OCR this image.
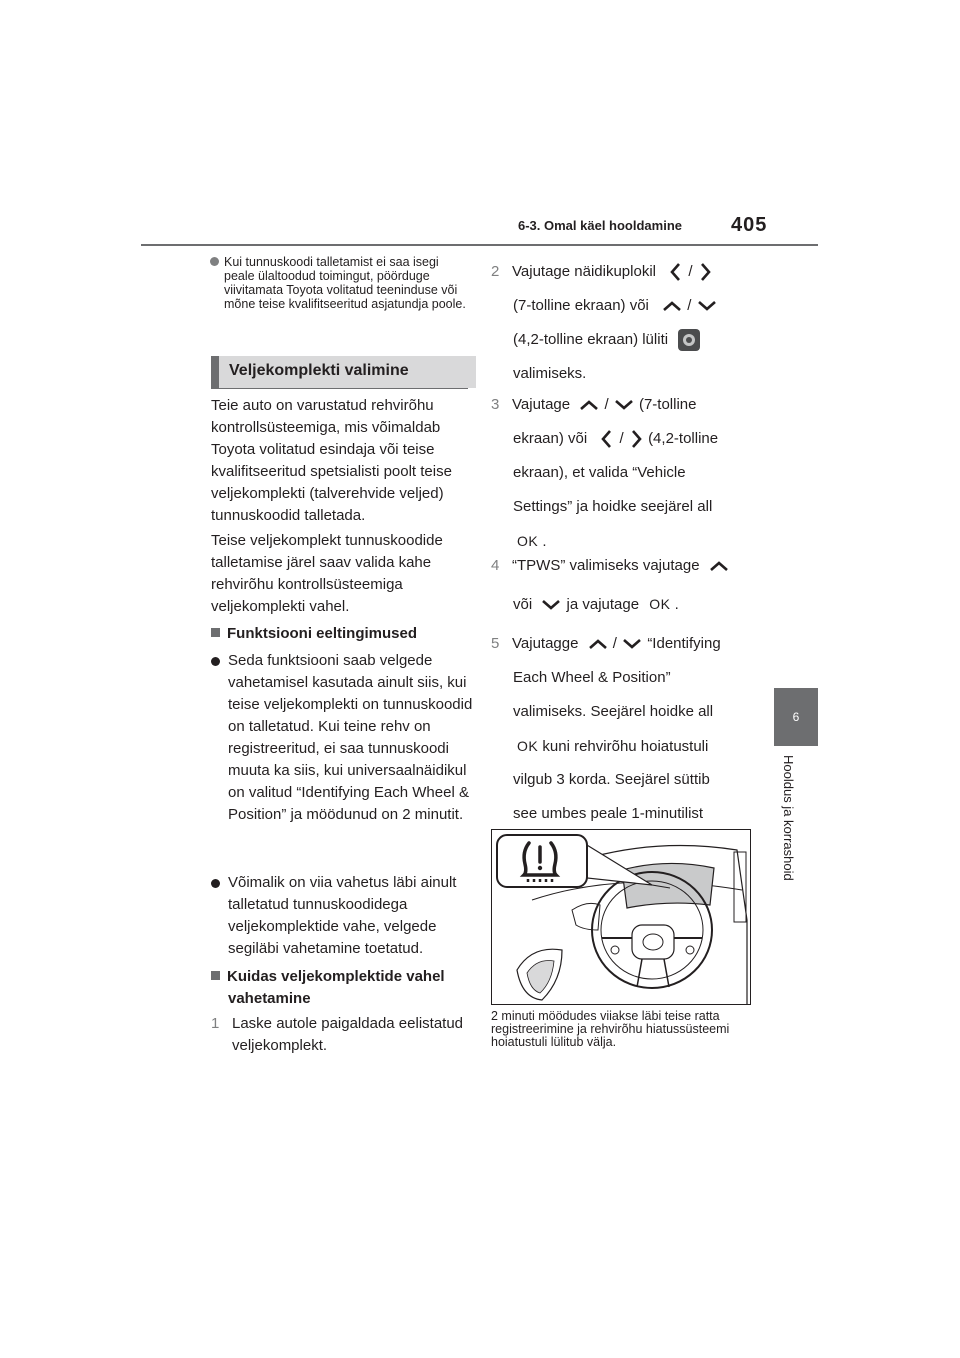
6-3. Omal käel hooldamine 405
6
Hooldus ja korrashoid

Kui tunnuskoodi talletamist ei saa isegi peale ülaltoodud toimingut, pöörduge viivitamata Toyota volitatud teeninduse või mõne teise kvalifitseeritud asjatundja poole.

Veljekomplekti valimine
Teie auto on varustatud rehvirõhu kontrollsüsteemiga, mis võimaldab Toyota volitatud esindaja või teise kvalifitseeritud spetsialisti poolt teise veljekomplekti (talverehvide veljed) tunnuskoodid talletada.
Teise veljekomplekt tunnuskoodide talletamise järel saav valida kahe rehvirõhu kontrollsüsteemiga veljekomplekti vahel.
Funktsiooni eeltingimused

Seda funktsiooni saab velgede vahetamisel kasutada ainult siis, kui teise veljekomplekti on tunnuskoodid on talletatud. Kui teine rehv on registreeritud, ei saa tunnuskoodi muuta ka siis, kui universaalnäidikul on valitud “Identifying Each Wheel & Position” ja möödunud on 2 minutit.

Võimalik on viia vahetus läbi ainult talletatud tunnuskoodidega veljekomplektide vahe, velgede segiläbi vahetamine toetatud.

Kuidas veljekomplektide vahel vahetamine

1 Laske autole paigaldada eelistatud veljekomplekt.

2 Vajutage näidikuplokil /
(7-tolline ekraan) või	/
(4,2-tolline ekraan) lüliti
valimiseks.
3 Vajutage / (7-tolline
ekraan) või / (4,2-tolline
ekraan), et valida “Vehicle
Settings” ja hoidke seejärel all
OK .
4 “TPWS” valimiseks vajutage
või ja vajutage OK .
5 Vajutagge / “Identifying
Each Wheel & Position”
valimiseks. Seejärel hoidke all
OK kuni rehvirõhu hoiatustuli
vilgub 3 korda. Seejärel süttib
see umbes peale 1-minutilist
2 minuti möödudes viiakse läbi teise ratta registreerimine ja rehvirõhu hiatussüsteemi hoiatustuli lülitub välja.
